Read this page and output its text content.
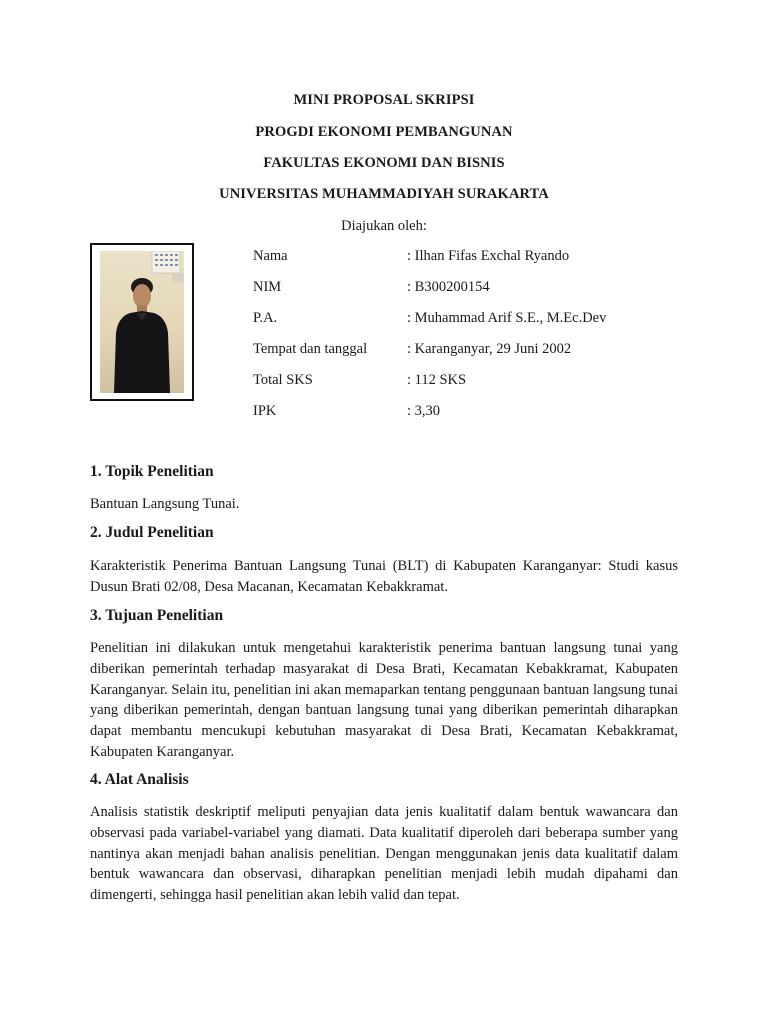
MINI PROPOSAL SKRIPSI
PROGDI EKONOMI PEMBANGUNAN
FAKULTAS EKONOMI DAN BISNIS
UNIVERSITAS MUHAMMADIYAH SURAKARTA
Diajukan oleh:
Nama	: Ilhan Fifas Exchal Ryando
NIM	: B300200154
P.A.	: Muhammad Arif S.E., M.Ec.Dev
Tempat dan tanggal	: Karanganyar, 29 Juni 2002
Total SKS	: 112 SKS
IPK	: 3,30
1. Topik Penelitian
Bantuan Langsung Tunai.
2. Judul Penelitian
Karakteristik Penerima Bantuan Langsung Tunai (BLT) di Kabupaten Karanganyar: Studi kasus Dusun Brati 02/08, Desa Macanan, Kecamatan Kebakkramat.
3. Tujuan Penelitian
Penelitian ini dilakukan untuk mengetahui karakteristik penerima bantuan langsung tunai yang diberikan pemerintah terhadap masyarakat di Desa Brati, Kecamatan Kebakkramat, Kabupaten Karanganyar. Selain itu, penelitian ini akan memaparkan tentang penggunaan bantuan langsung tunai yang diberikan pemerintah, dengan bantuan langsung tunai yang diberikan pemerintah diharapkan dapat membantu mencukupi kebutuhan masyarakat di Desa Brati, Kecamatan Kebakkramat, Kabupaten Karanganyar.
4. Alat Analisis
Analisis statistik deskriptif meliputi penyajian data jenis kualitatif dalam bentuk wawancara dan observasi pada variabel-variabel yang diamati. Data kualitatif diperoleh dari beberapa sumber yang nantinya akan menjadi bahan analisis penelitian. Dengan menggunakan jenis data kualitatif dalam bentuk wawancara dan observasi, diharapkan penelitian menjadi lebih mudah dipahami dan dimengerti, sehingga hasil penelitian akan lebih valid dan tepat.
